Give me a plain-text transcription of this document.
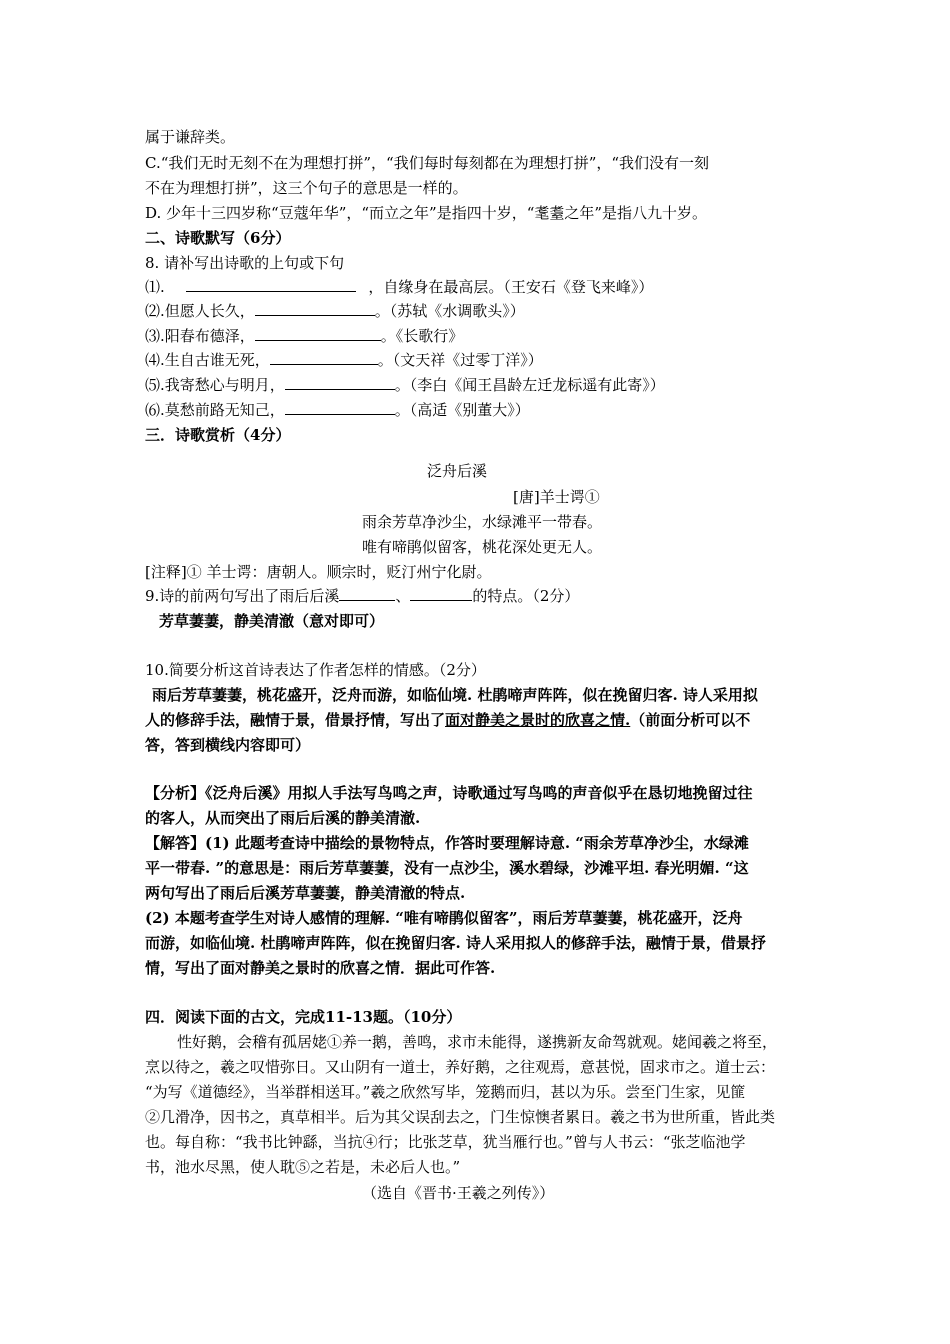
属于谦辞类。
C.“我们无时无刻不在为理想打拼”，“我们每时每刻都在为理想打拼”，“我们没有一刻
不在为理想打拼”，这三个句子的意思是一样的。
D. 少年十三四岁称“豆蔻年华”，“而立之年”是指四十岁，“耄耋之年”是指八九十岁。
二、诗歌默写（6分）
8. 请补写出诗歌的上句或下句
⑴.	，自缘身在最高层。（王安石《登飞来峰》）
⑵.但愿人长久，	。（苏轼《水调歌头》）
⑶.阳春布德泽，	。《长歌行》
⑷.生自古谁无死，	。（文天祥《过零丁洋》）
⑸.我寄愁心与明月，	。（李白《闻王昌龄左迁龙标遥有此寄》）
⑹.莫愁前路无知己，	。（高适《别董大》）
三．诗歌赏析（4分）
泛舟后溪
[唐]羊士谔①
雨余芳草净沙尘，水绿滩平一带春。
唯有啼鹃似留客，桃花深处更无人。
[注释]① 羊士谔：唐朝人。顺宗时，贬汀州宁化尉。
9.诗的前两句写出了雨后后溪	、	的特点。（2分）
芳草萋萋，静美清澈（意对即可）
10.简要分析这首诗表达了作者怎样的情感。（2分）
雨后芳草萋萋，桃花盛开，泛舟而游，如临仙境. 杜鹃啼声阵阵，似在挽留归客. 诗人采用拟
人的修辞手法，融情于景，借景抒情，写出了面对静美之景时的欣喜之情.（前面分析可以不
答，答到横线内容即可）
【分析】《泛舟后溪》用拟人手法写鸟鸣之声，诗歌通过写鸟鸣的声音似乎在恳切地挽留过往
的客人，从而突出了雨后后溪的静美清澈.
【解答】(1) 此题考查诗中描绘的景物特点，作答时要理解诗意. “雨余芳草净沙尘，水绿滩
平一带春. ”的意思是：雨后芳草萋萋，没有一点沙尘，溪水碧绿，沙滩平坦. 春光明媚. “这
两句写出了雨后后溪芳草萋萋，静美清澈的特点.
(2) 本题考查学生对诗人感情的理解. “唯有啼鹃似留客”，雨后芳草萋萋，桃花盛开，泛舟
而游，如临仙境. 杜鹃啼声阵阵，似在挽留归客. 诗人采用拟人的修辞手法，融情于景，借景抒
情，写出了面对静美之景时的欣喜之情．据此可作答.
四．阅读下面的古文，完成11-13题。（10分）
性好鹅，会稽有孤居姥①养一鹅，善鸣，求市未能得，遂携新友命驾就观。姥闻羲之将至，
烹以待之，羲之叹惜弥日。又山阴有一道士，养好鹅，之往观焉，意甚悦，固求市之。道士云：
“为写《道德经》，当举群相送耳。”羲之欣然写毕，笼鹅而归，甚以为乐。尝至门生家，见篚
②几滑净，因书之，真草相半。后为其父误刮去之，门生惊懊者累日。羲之书为世所重，皆此类
也。每自称：“我书比钟繇，当抗④行；比张芝草，犹当雁行也。”曾与人书云：“张芝临池学
书，池水尽黑，使人耽⑤之若是，未必后人也。”
（选自《晋书·王羲之列传》）
